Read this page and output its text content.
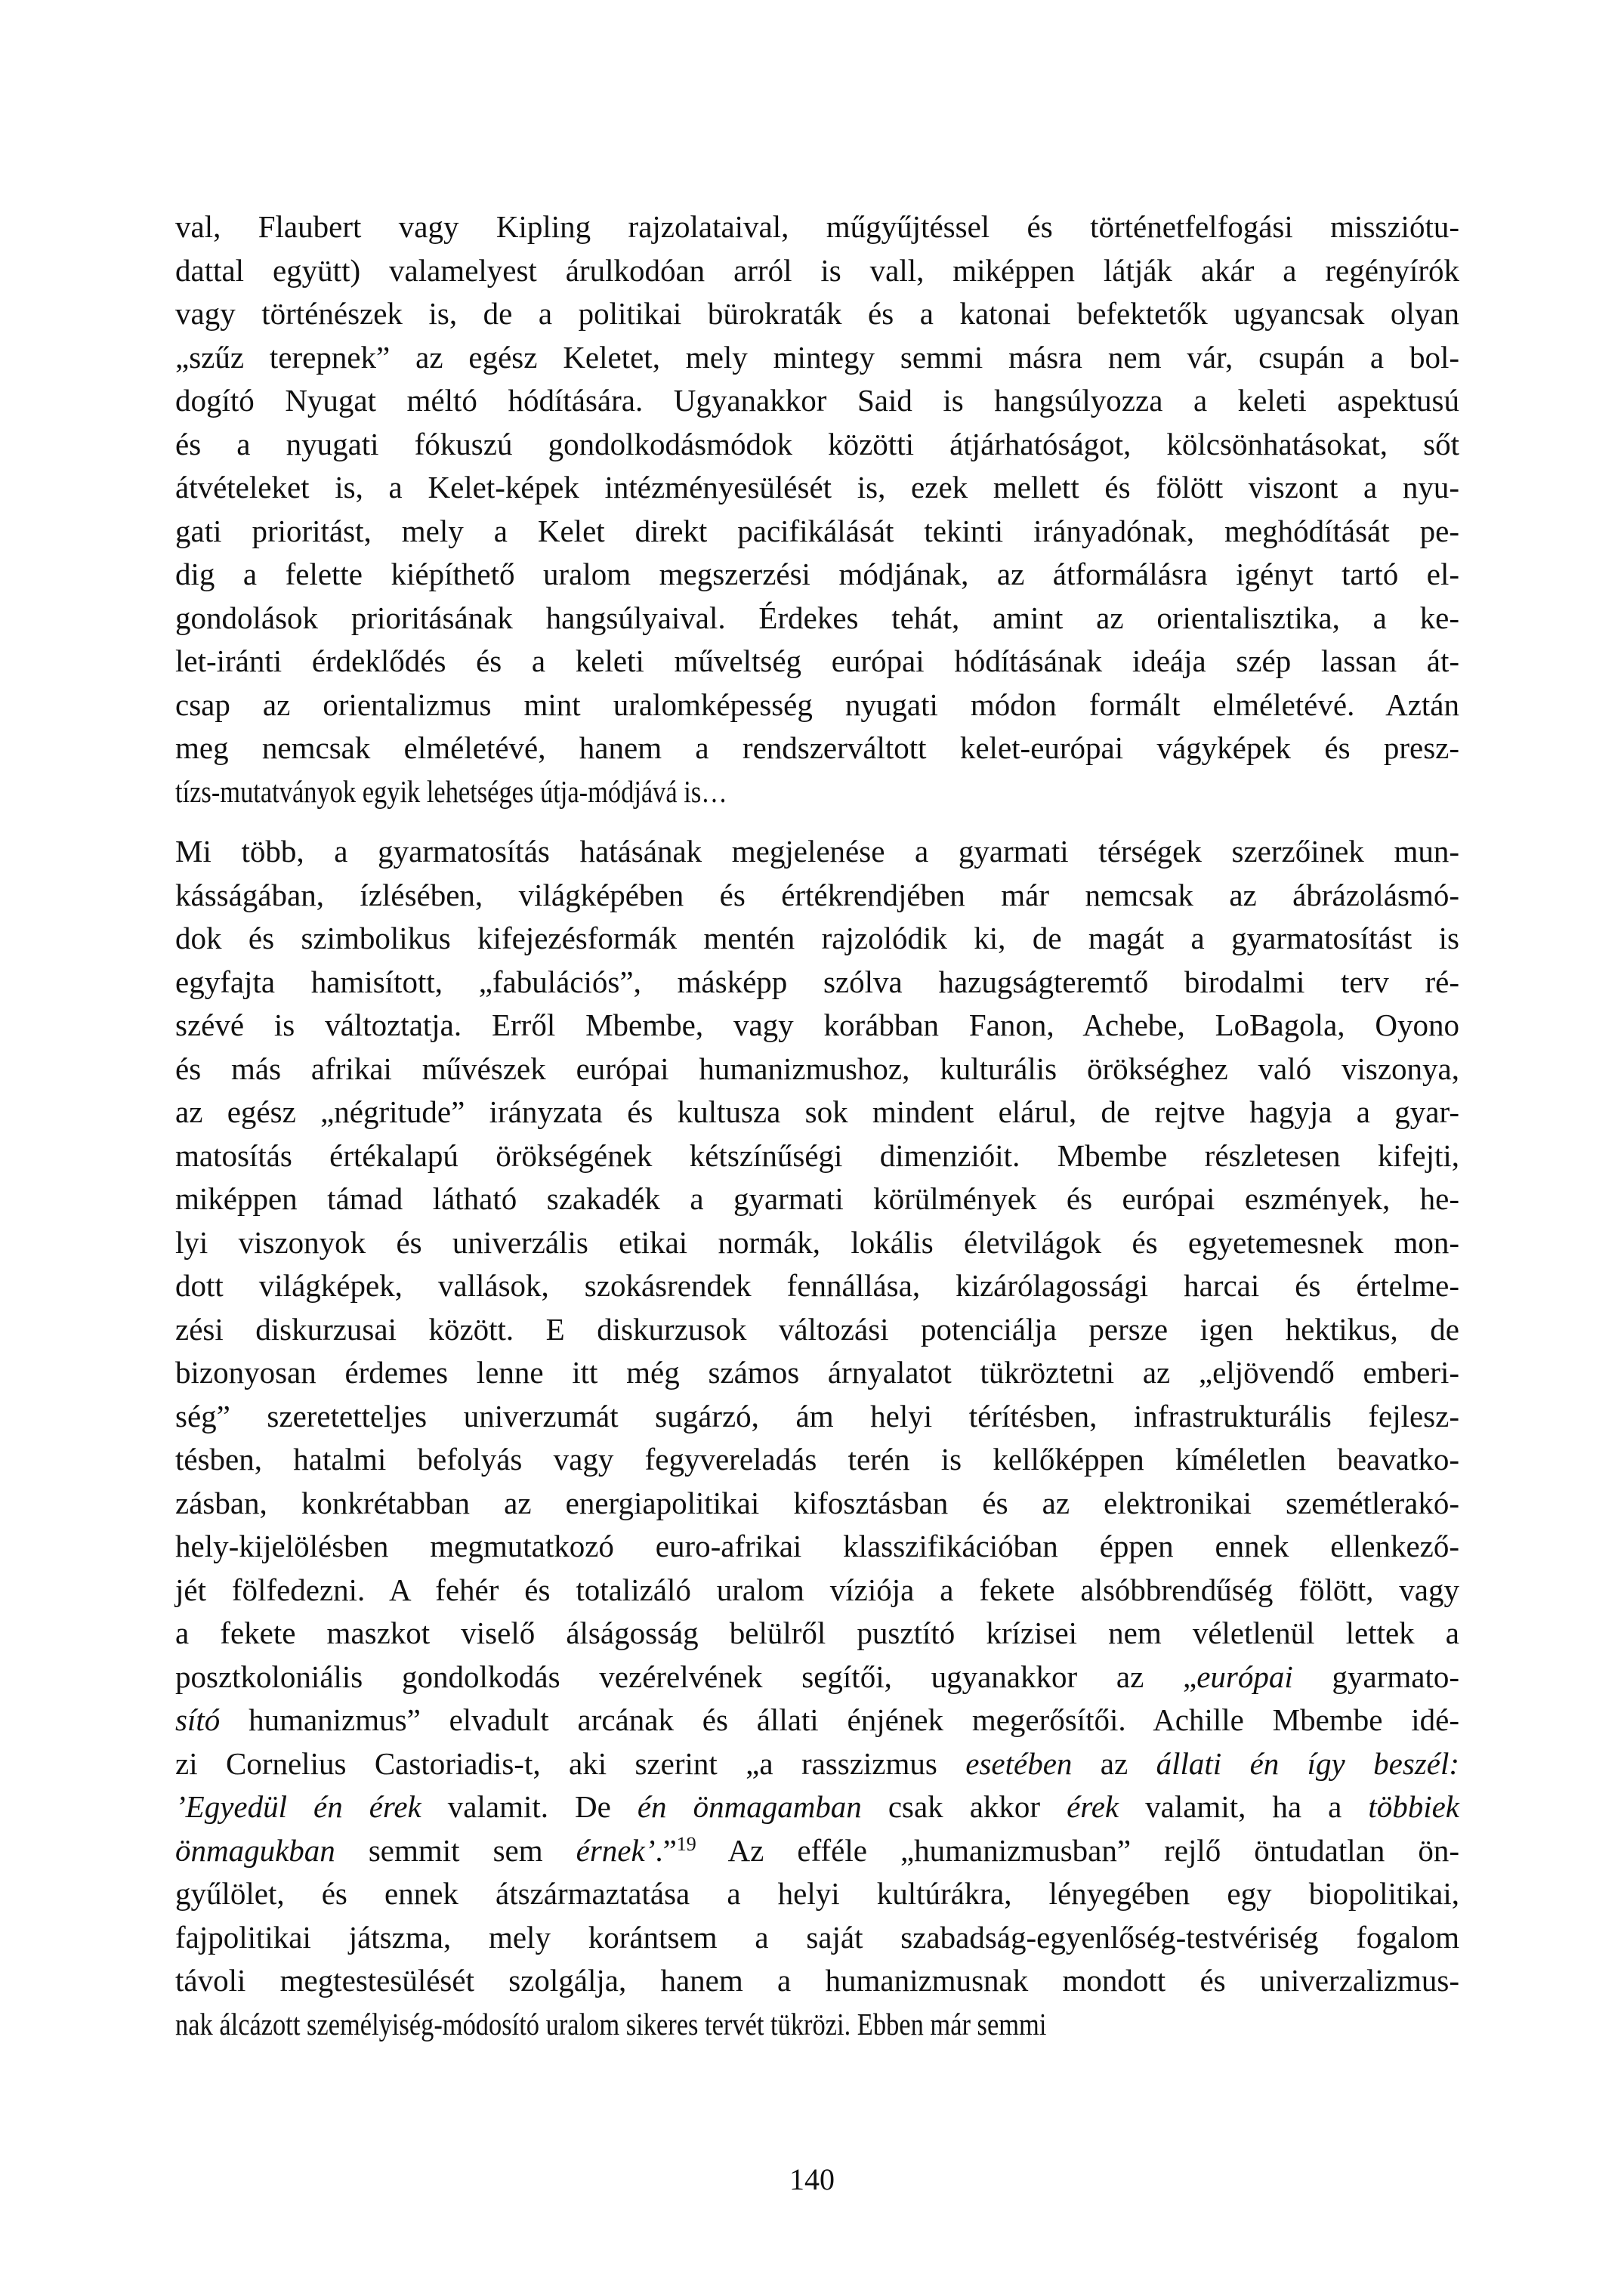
val, Flaubert vagy Kipling rajzolataival, műgyűjtéssel és történetfelfogási missziótu-
dattal együtt) valamelyest árulkodóan arról is vall, miképpen látják akár a regényírók
vagy történészek is, de a politikai bürokraták és a katonai befektetők ugyancsak olyan
„szűz terepnek” az egész Keletet, mely mintegy semmi másra nem vár, csupán a bol-
dogító Nyugat méltó hódítására. Ugyanakkor Said is hangsúlyozza a keleti aspektusú
és a nyugati fókuszú gondolkodásmódok közötti átjárhatóságot, kölcsönhatásokat, sőt
átvételeket is, a Kelet-képek intézményesülését is, ezek mellett és fölött viszont a nyu-
gati prioritást, mely a Kelet direkt pacifikálását tekinti irányadónak, meghódítását pe-
dig a felette kiépíthető uralom megszerzési módjának, az átformálásra igényt tartó el-
gondolások prioritásának hangsúlyaival. Érdekes tehát, amint az orientalisztika, a ke-
let-iránti érdeklődés és a keleti műveltség európai hódításának ideája szép lassan át-
csap az orientalizmus mint uralomképesség nyugati módon formált elméletévé. Aztán
meg nemcsak elméletévé, hanem a rendszerváltott kelet-európai vágyképek és presz-
tízs-mutatványok egyik lehetséges útja-módjává is…
Mi több, a gyarmatosítás hatásának megjelenése a gyarmati térségek szerzőinek mun-
kásságában, ízlésében, világképében és értékrendjében már nemcsak az ábrázolásmó-
dok és szimbolikus kifejezésformák mentén rajzolódik ki, de magát a gyarmatosítást is
egyfajta hamisított, „fabulációs”, másképp szólva hazugságteremtő birodalmi terv ré-
szévé is változtatja. Erről Mbembe, vagy korábban Fanon, Achebe, LoBagola, Oyono
és más afrikai művészek európai humanizmushoz, kulturális örökséghez való viszonya,
az egész „négritude” irányzata és kultusza sok mindent elárul, de rejtve hagyja a gyar-
matosítás értékalapú örökségének kétszínűségi dimenzióit. Mbembe részletesen kifejti,
miképpen támad látható szakadék a gyarmati körülmények és európai eszmények, he-
lyi viszonyok és univerzális etikai normák, lokális életvilágok és egyetemesnek mon-
dott világképek, vallások, szokásrendek fennállása, kizárólagossági harcai és értelme-
zési diskurzusai között. E diskurzusok változási potenciálja persze igen hektikus, de
bizonyosan érdemes lenne itt még számos árnyalatot tükröztetni az „eljövendő emberi-
ség” szeretetteljes univerzumát sugárzó, ám helyi térítésben, infrastrukturális fejlesz-
tésben, hatalmi befolyás vagy fegyvereladás terén is kellőképpen kíméletlen beavatko-
zásban, konkrétabban az energiapolitikai kifosztásban és az elektronikai szemétlerakó-
hely-kijelölésben megmutatkozó euro-afrikai klasszifikációban éppen ennek ellenkező-
jét fölfedezni. A fehér és totalizáló uralom víziója a fekete alsóbbrendűség fölött, vagy
a fekete maszkot viselő álságosság belülről pusztító krízisei nem véletlenül lettek a
posztkoloniális gondolkodás vezérelvének segítői, ugyanakkor az „európai gyarmato-
sító humanizmus” elvadult arcának és állati énjének megerősítői. Achille Mbembe idé-
zi Cornelius Castoriadis-t, aki szerint „a rasszizmus esetében az állati én így beszél:
’Egyedül én érek valamit. De én önmagamban csak akkor érek valamit, ha a többiek
önmagukban semmit sem érnek’.”$^{19}$ Az efféle „humanizmusban” rejlő öntudatlan ön-
gyűlölet, és ennek átszármaztatása a helyi kultúrákra, lényegében egy biopolitikai,
fajpolitikai játszma, mely korántsem a saját szabadság-egyenlőség-testvériség fogalom
távoli megtestesülését szolgálja, hanem a humanizmusnak mondott és univerzalizmus-
nak álcázott személyiség-módosító uralom sikeres tervét tükrözi. Ebben már semmi
140
